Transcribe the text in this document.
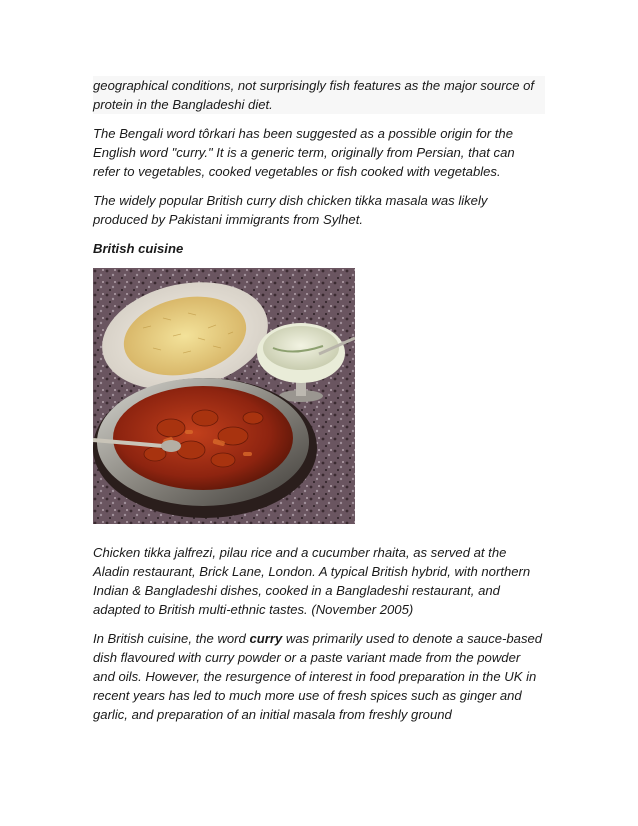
geographical conditions, not surprisingly fish features as the major source of protein in the Bangladeshi diet.

The Bengali word tôrkari has been suggested as a possible origin for the English word "curry." It is a generic term, originally from Persian, that can refer to vegetables, cooked vegetables or fish cooked with vegetables.

The widely popular British curry dish chicken tikka masala was likely produced by Pakistani immigrants from Sylhet.

British cuisine

Chicken tikka jalfrezi, pilau rice and a cucumber rhaita, as served at the Aladin restaurant, Brick Lane, London. A typical British hybrid, with northern Indian & Bangladeshi dishes, cooked in a Bangladeshi restaurant, and adapted to British multi-ethnic tastes. (November 2005)

In British cuisine, the word curry was primarily used to denote a sauce-based dish flavoured with curry powder or a paste variant made from the powder and oils. However, the resurgence of interest in food preparation in the UK in recent years has led to much more use of fresh spices such as ginger and garlic, and preparation of an initial masala from freshly ground
